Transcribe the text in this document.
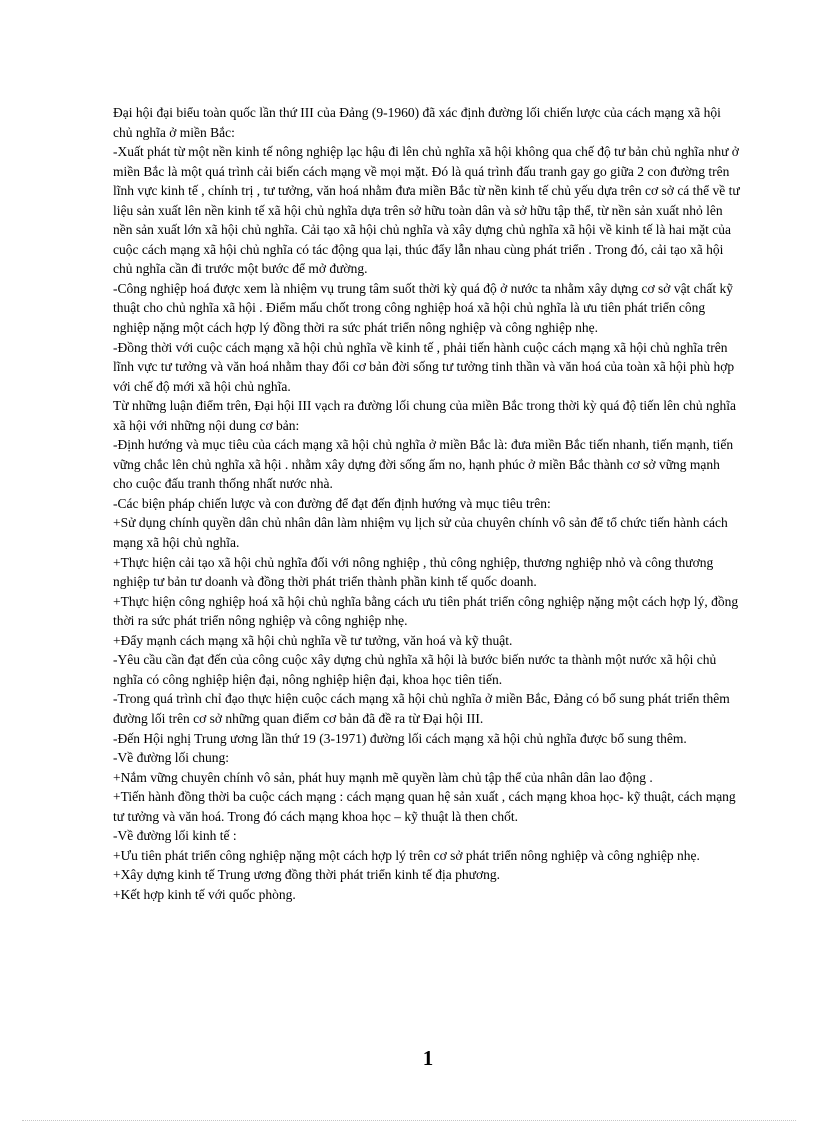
Đại hội đại biểu toàn quốc lần thứ III của Đảng (9-1960) đã xác định đường lối chiến lược của cách mạng xã hội chủ nghĩa ở miền Bắc:

-Xuất phát từ một nền kinh tế nông nghiệp lạc hậu đi lên chủ nghĩa xã hội không qua chế độ tư bản chủ nghĩa như ở miền Bắc là một quá trình cải biến cách mạng về mọi mặt. Đó là quá trình đấu tranh gay go giữa 2 con đường trên lĩnh vực kinh tế , chính trị , tư tưởng, văn hoá nhằm đưa miền Bắc từ nền kinh tế chủ yếu dựa trên cơ sở cá thể về tư liệu sản xuất lên nền kinh tế xã hội chủ nghĩa dựa trên sở hữu toàn dân và sở hữu tập thể, từ nền sản xuất nhỏ lên nền sản xuất lớn xã hội chủ nghĩa. Cải tạo xã hội chủ nghĩa và xây dựng chủ nghĩa xã hội về kinh tế là hai mặt của cuộc cách mạng xã hội chủ nghĩa có tác động qua lại, thúc đẩy lẫn nhau cùng phát triển . Trong đó, cải tạo xã hội chủ nghĩa cần đi trước một bước để mở đường.

-Công nghiệp hoá được xem là nhiệm vụ trung tâm suốt thời kỳ quá độ ở nước ta nhằm xây dựng cơ sở vật chất kỹ thuật cho chủ nghĩa xã hội . Điểm mấu chốt trong công nghiệp hoá xã hội chủ nghĩa là ưu tiên phát triển công nghiệp nặng một cách hợp lý đồng thời ra sức phát triển nông nghiệp và công nghiệp nhẹ.

-Đồng thời với cuộc cách mạng xã hội chủ nghĩa về kinh tế , phải tiến hành cuộc cách mạng xã hội chủ nghĩa trên lĩnh vực tư tưởng và văn hoá nhằm thay đổi cơ bản đời sống tư tưởng tinh thần và văn hoá của toàn xã hội phù hợp với chế độ mới xã hội chủ nghĩa.

Từ những luận điểm trên, Đại hội III vạch ra đường lối chung của miền Bắc trong thời kỳ quá độ tiến lên chủ nghĩa xã hội với những nội dung cơ bản:

-Định hướng và mục tiêu của cách mạng xã hội chủ nghĩa ở miền Bắc là: đưa miền Bắc tiến nhanh, tiến mạnh, tiến vững chắc lên chủ nghĩa xã hội . nhằm xây dựng đời sống ấm no, hạnh phúc ở miền Bắc thành cơ sở vững mạnh cho cuộc đấu tranh thống nhất nước nhà.

-Các biện pháp chiến lược và con đường để đạt đến định hướng và mục tiêu trên:

+Sử dụng chính quyền dân chủ nhân dân làm nhiệm vụ lịch sử của chuyên chính vô sản để tổ chức tiến hành cách mạng xã hội chủ nghĩa.

+Thực hiện cải tạo xã hội chủ nghĩa đối với nông nghiệp , thủ công nghiệp, thương nghiệp nhỏ và công thương nghiệp tư bản tư doanh và đồng thời phát triển thành phần kinh tế quốc doanh.

+Thực hiện công nghiệp hoá xã hội chủ nghĩa bằng cách ưu tiên phát triển công nghiệp nặng một cách hợp lý, đồng thời ra sức phát triển nông nghiệp và công nghiệp nhẹ.

+Đẩy mạnh cách mạng xã hội chủ nghĩa về tư tưởng, văn hoá và kỹ thuật.

-Yêu cầu cần đạt đến của công cuộc xây dựng chủ nghĩa xã hội là bước biến nước ta thành một nước xã hội chủ nghĩa có công nghiệp hiện đại, nông nghiệp hiện đại, khoa học tiên tiến.

-Trong quá trình chỉ đạo thực hiện cuộc cách mạng xã hội chủ nghĩa ở miền Bắc, Đảng có bổ sung phát triển thêm đường lối trên cơ sở những quan điểm cơ bản đã đề ra từ Đại hội III.

-Đến Hội nghị Trung ương lần thứ 19 (3-1971) đường lối cách mạng xã hội chủ nghĩa được bổ sung thêm.

-Về đường lối chung:

+Nắm vững chuyên chính vô sản, phát huy mạnh mẽ quyền làm chủ tập thể của nhân dân lao động .

+Tiến hành đồng thời ba cuộc cách mạng : cách mạng quan hệ sản xuất , cách mạng khoa học- kỹ thuật, cách mạng tư tưởng và văn hoá. Trong đó cách mạng khoa học – kỹ thuật là then chốt.

-Về đường lối kinh tế :

+Ưu tiên phát triển công nghiệp nặng một cách hợp lý trên cơ sở phát triển nông nghiệp và công nghiệp nhẹ.

+Xây dựng kinh tế Trung ương đồng thời phát triển kinh tế địa phương.

+Kết hợp kinh tế với quốc phòng.

1
